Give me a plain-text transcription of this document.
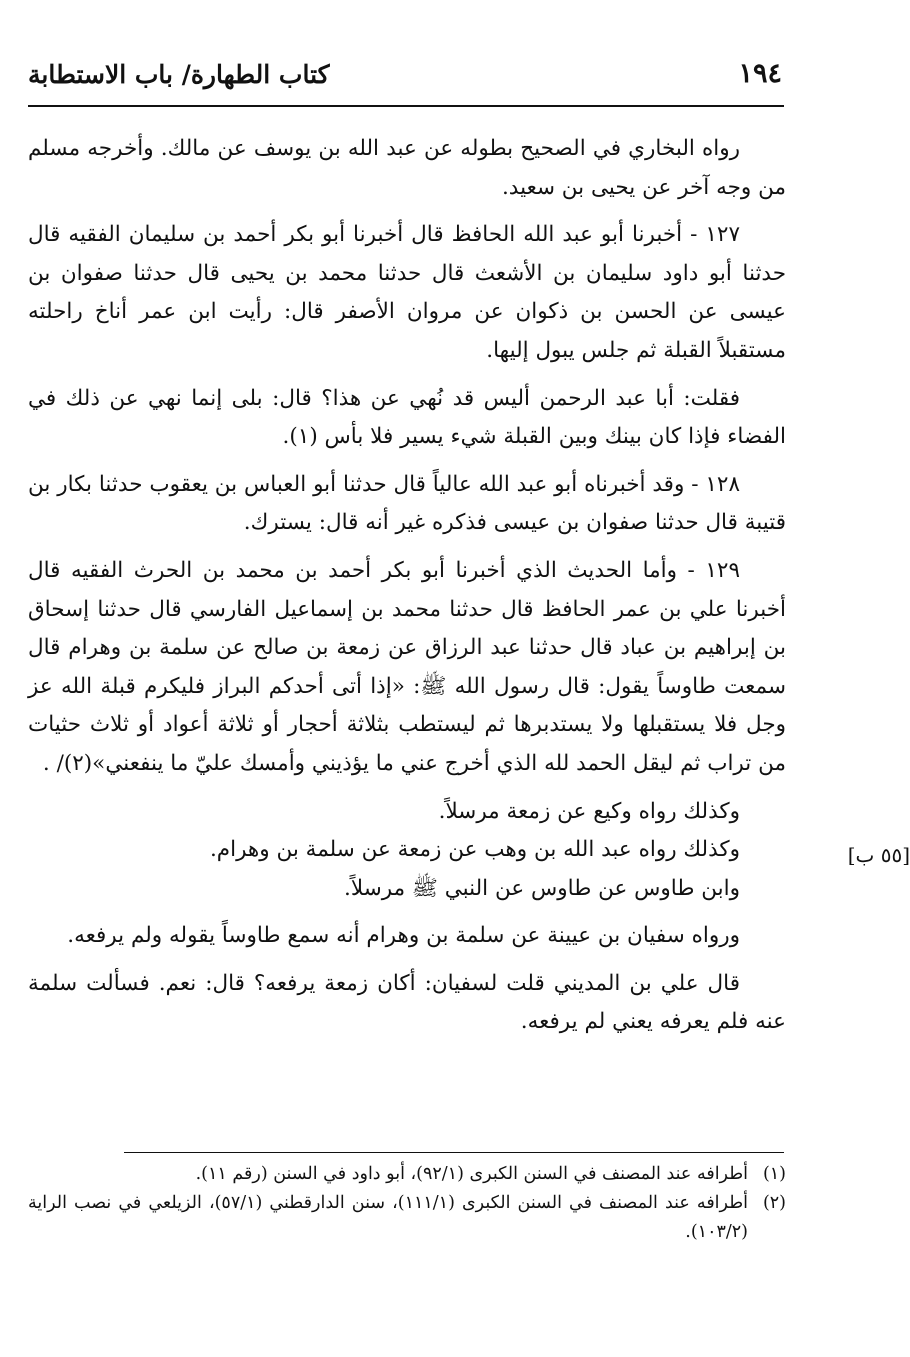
١٩٤
كتاب الطهارة/ باب الاستطابة

رواه البخاري في الصحيح بطوله عن عبد الله بن يوسف عن مالك. وأخرجه مسلم من وجه آخر عن يحيى بن سعيد.

١٢٧ - أخبرنا أبو عبد الله الحافظ قال أخبرنا أبو بكر أحمد بن سليمان الفقيه قال حدثنا أبو داود سليمان بن الأشعث قال حدثنا محمد بن يحيى قال حدثنا صفوان بن عيسى عن الحسن بن ذكوان عن مروان الأصفر قال: رأيت ابن عمر أناخ راحلته مستقبلاً القبلة ثم جلس يبول إليها.

فقلت: أبا عبد الرحمن أليس قد نُهي عن هذا؟ قال: بلى إنما نهي عن ذلك في الفضاء فإذا كان بينك وبين القبلة شيء يسير فلا بأس (١).

١٢٨ - وقد أخبرناه أبو عبد الله عالياً قال حدثنا أبو العباس بن يعقوب حدثنا بكار بن قتيبة قال حدثنا صفوان بن عيسى فذكره غير أنه قال: يسترك.

١٢٩ - وأما الحديث الذي أخبرنا أبو بكر أحمد بن محمد بن الحرث الفقيه قال أخبرنا علي بن عمر الحافظ قال حدثنا محمد بن إسماعيل الفارسي قال حدثنا إسحاق بن إبراهيم بن عباد قال حدثنا عبد الرزاق عن زمعة بن صالح عن سلمة بن وهرام قال سمعت طاوساً يقول: قال رسول الله ﷺ: «إذا أتى أحدكم البراز فليكرم قبلة الله عز وجل فلا يستقبلها ولا يستدبرها ثم ليستطب بثلاثة أحجار أو ثلاثة أعواد أو ثلاث حثيات من تراب ثم ليقل الحمد لله الذي أخرج عني ما يؤذيني وأمسك عليّ ما ينفعني»(٢)/ .

وكذلك رواه وكيع عن زمعة مرسلاً.

وكذلك رواه عبد الله بن وهب عن زمعة عن سلمة بن وهرام.

وابن طاوس عن طاوس عن النبي ﷺ مرسلاً.

ورواه سفيان بن عيينة عن سلمة بن وهرام أنه سمع طاوساً يقوله ولم يرفعه.

قال علي بن المديني قلت لسفيان: أكان زمعة يرفعه؟ قال: نعم. فسألت سلمة عنه فلم يعرفه يعني لم يرفعه.

[٥٥ ب]

(١)
أطرافه عند المصنف في السنن الكبرى (٩٢/١)، أبو داود في السنن (رقم ١١).

(٢)
أطرافه عند المصنف في السنن الكبرى (١١١/١)، سنن الدارقطني (٥٧/١)، الزيلعي في نصب الراية (١٠٣/٢).
